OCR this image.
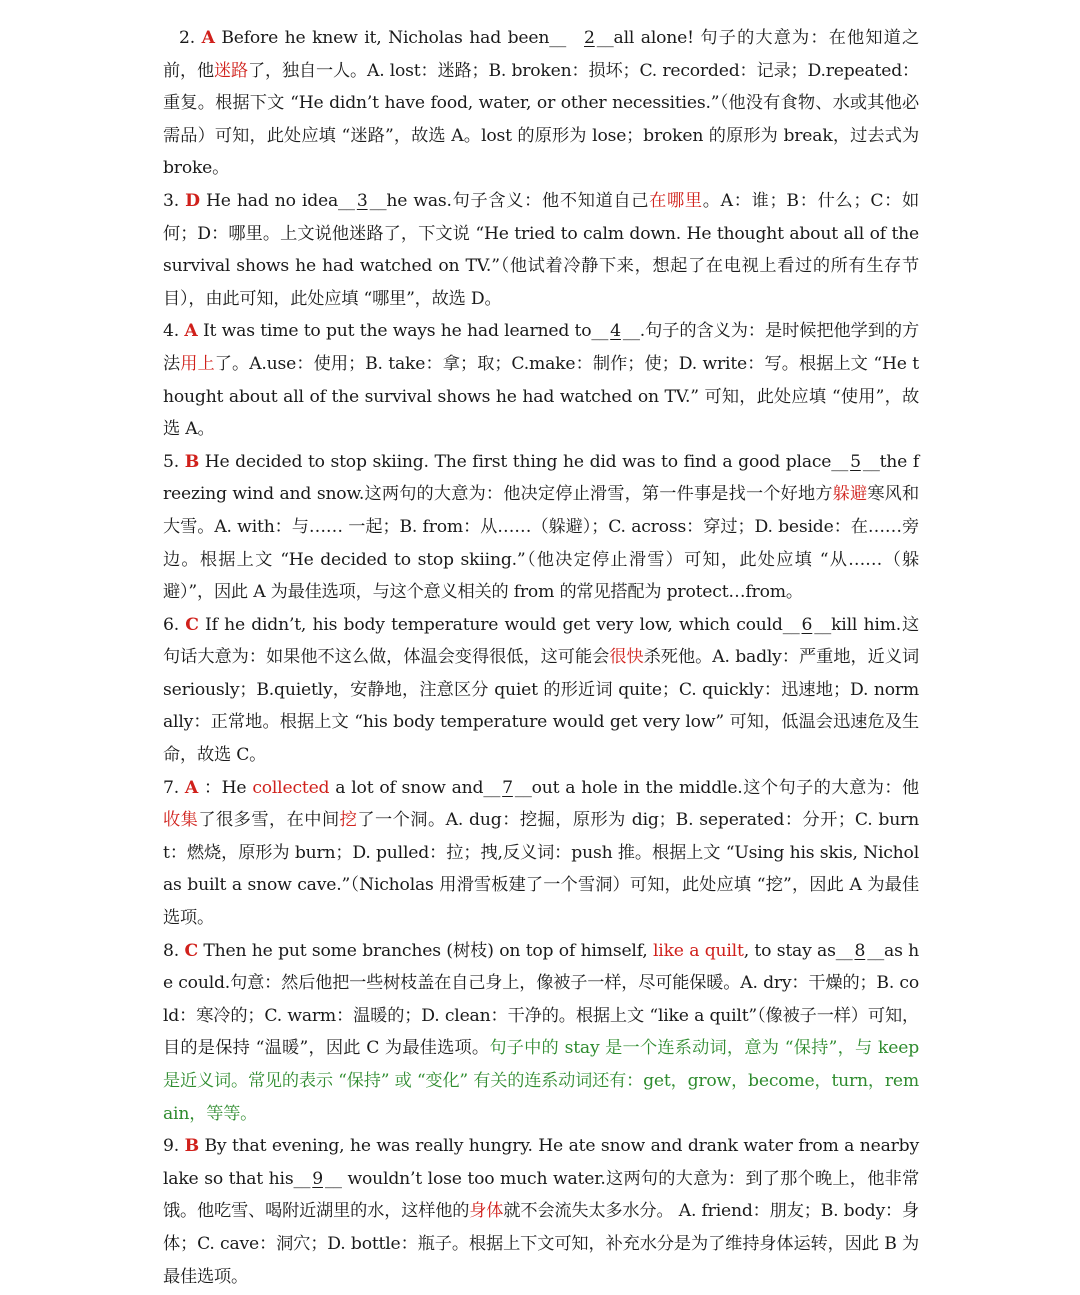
2. A Before he knew it, Nicholas had been__ 2 __all alone! 句子的大意为：在他知道之前，他迷路了，独自一人。A. lost：迷路；B. broken：损坏；C. recorded：记录；D.repeated：重复。根据下文 “He didn’t have food, water, or other necessities.”（他没有食物、水或其他必需品）可知，此处应填 “迷路”，故选 A。lost 的原形为 lose；broken 的原形为 break，过去式为 broke。

3. D He had no idea__ 3 __he was.句子含义：他不知道自己在哪里。A：谁；B：什么；C：如何；D：哪里。上文说他迷路了，下文说 “He tried to calm down. He thought about all of the survival shows he had watched on TV.”（他试着冷静下来，想起了在电视上看过的所有生存节目），由此可知，此处应填 “哪里”，故选 D。

4. A It was time to put the ways he had learned to__ 4 __.句子的含义为：是时候把他学到的方法用上了。A.use：使用；B. take：拿；取；C.make：制作；使；D. write：写。根据上文 “He thought about all of the survival shows he had watched on TV.” 可知，此处应填 “使用”，故选 A。

5. B He decided to stop skiing. The first thing he did was to find a good place__ 5 __the freezing wind and snow.这两句的大意为：他决定停止滑雪，第一件事是找一个好地方躲避寒风和大雪。A. with：与…… 一起；B. from：从……（躲避）；C. across：穿过；D. beside：在……旁边。根据上文 “He decided to stop skiing.”（他决定停止滑雪）可知，此处应填 “从……（躲避）”，因此 A 为最佳选项，与这个意义相关的 from 的常见搭配为 protect…from。

6. C If he didn’t, his body temperature would get very low, which could__ 6 __kill him.这句话大意为：如果他不这么做，体温会变得很低，这可能会很快杀死他。A. badly：严重地，近义词 seriously；B.quietly，安静地，注意区分 quiet 的形近词 quite；C. quickly：迅速地；D. normally：正常地。根据上文 “his body temperature would get very low” 可知，低温会迅速危及生命，故选 C。

7. A ：He collected a lot of snow and__ 7 __out a hole in the middle.这个句子的大意为：他收集了很多雪，在中间挖了一个洞。A. dug：挖掘，原形为 dig；B. seperated：分开；C. burnt：燃烧，原形为 burn；D. pulled：拉；拽,反义词：push 推。根据上文 “Using his skis, Nicholas built a snow cave.”（Nicholas 用滑雪板建了一个雪洞）可知，此处应填 “挖”，因此 A 为最佳选项。

8. C Then he put some branches (树枝) on top of himself, like a quilt, to stay as__ 8 __as he could.句意：然后他把一些树枝盖在自己身上，像被子一样，尽可能保暖。A. dry：干燥的；B. cold：寒冷的；C. warm：温暖的；D. clean：干净的。根据上文 “like a quilt”（像被子一样）可知，目的是保持 “温暖”，因此 C 为最佳选项。句子中的 stay 是一个连系动词，意为 “保持”，与 keep 是近义词。常见的表示 “保持” 或 “变化” 有关的连系动词还有：get，grow，become，turn，remain，等等。

9. B By that evening, he was really hungry. He ate snow and drank water from a nearby lake so that his__ 9 __ wouldn’t lose too much water.这两句的大意为：到了那个晚上，他非常饿。他吃雪、喝附近湖里的水，这样他的身体就不会流失太多水分。 A. friend：朋友；B. body：身体；C. cave：洞穴；D. bottle：瓶子。根据上下文可知，补充水分是为了维持身体运转，因此 B 为最佳选项。
